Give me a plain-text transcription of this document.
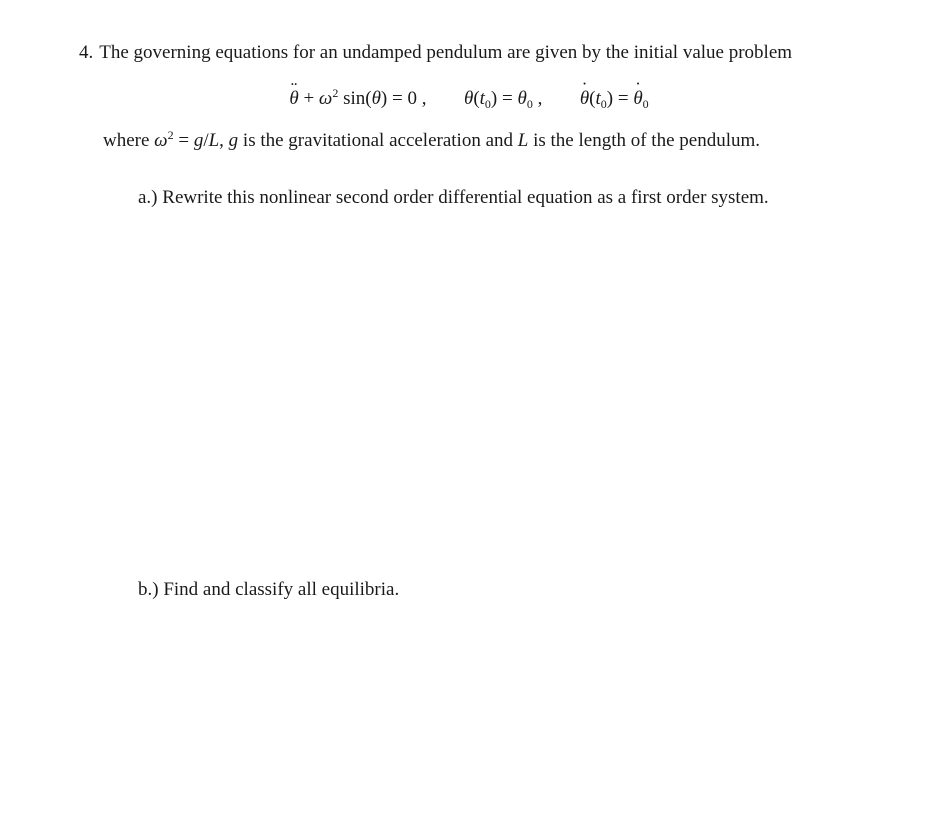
4. The governing equations for an undamped pendulum are given by the initial value problem
¨ $\theta + \omega^2$ sin(θ) = 0 , $\theta(t_0) = \theta_0$ ,  ˙ $\theta(t_0)$ = ˙ $\theta_0$
where $\omega^2 = g/L$, g is the gravitational acceleration and L is the length of the pendulum.
a.) Rewrite this nonlinear second order differential equation as a first order system.
b.) Find and classify all equilibria.
